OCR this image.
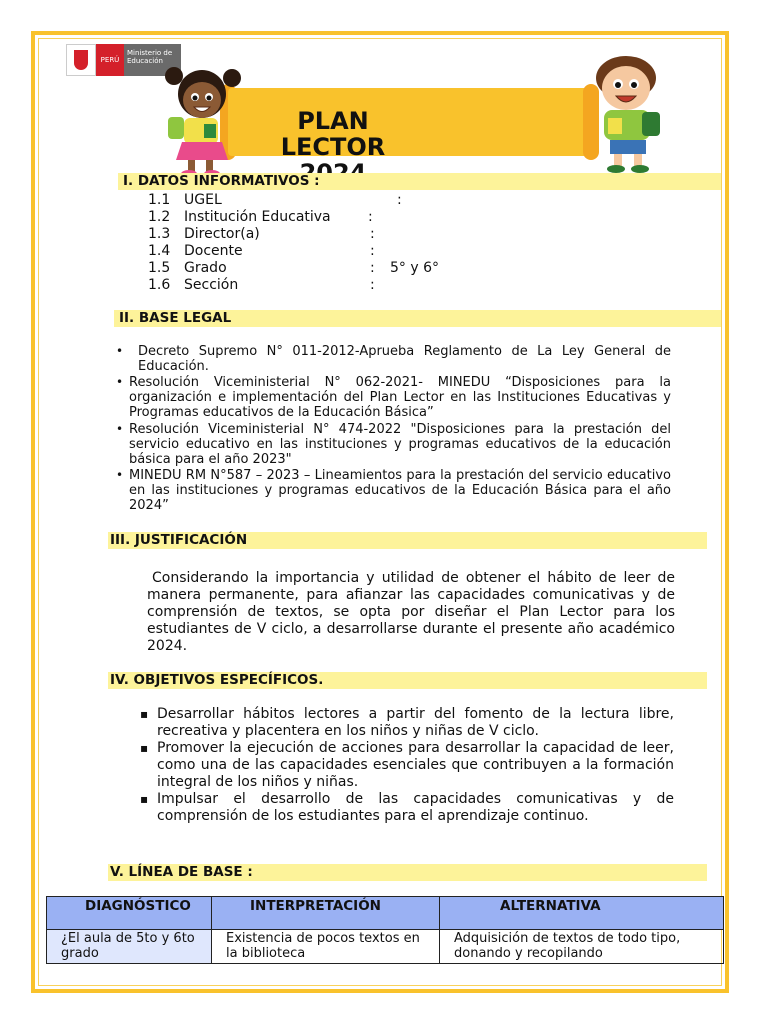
PERÚ
Ministerio de Educación
PLAN
LECTOR
I. DATOS INFORMATIVOS :
1.1 UGEL	:
1.2 Institución Educativa	:
1.3 Director(a)	:
1.4 Docente	:
1.5 Grado	: 5° y 6°
1.6 Sección	:
II. BASE LEGAL
• Decreto Supremo N° 011-2012-Aprueba Reglamento de La Ley General de Educación.

• Resolución Viceministerial N° 062-2021- MINEDU “Disposiciones para la organización e implementación del Plan Lector en las Instituciones Educativas y Programas educativos de la Educación Básica”

• Resolución Viceministerial N° 474-2022 "Disposiciones para la prestación del servicio educativo en las instituciones y programas educativos de la educación básica para el año 2023"

• MINEDU RM N°587 – 2023 – Lineamientos para la prestación del servicio educativo en las instituciones y programas educativos de la Educación Básica para el año 2024”

III. JUSTIFICACIÓN
Considerando la importancia y utilidad de obtener el hábito de leer de manera permanente, para afianzar las capacidades comunicativas y de comprensión de textos, se opta por diseñar el Plan Lector para los estudiantes de V ciclo, a desarrollarse durante el presente año académico 2024.
IV. OBJETIVOS ESPECÍFICOS.
▪ Desarrollar hábitos lectores a partir del fomento de la lectura libre, recreativa y placentera en los niños y niñas de V ciclo.
▪ Promover la ejecución de acciones para desarrollar la capacidad de leer, como una de las capacidades esenciales que contribuyen a la formación integral de los niños y niñas.
▪ Impulsar el desarrollo de las capacidades comunicativas y de comprensión de los estudiantes para el aprendizaje continuo.
V. LÍNEA DE BASE :
DIAGNÓSTICO	INTERPRETACIÓN	ALTERNATIVA
¿El aula de 5to y 6to grado	Existencia de pocos textos en la biblioteca	Adquisición de textos de todo tipo, donando y recopilando
